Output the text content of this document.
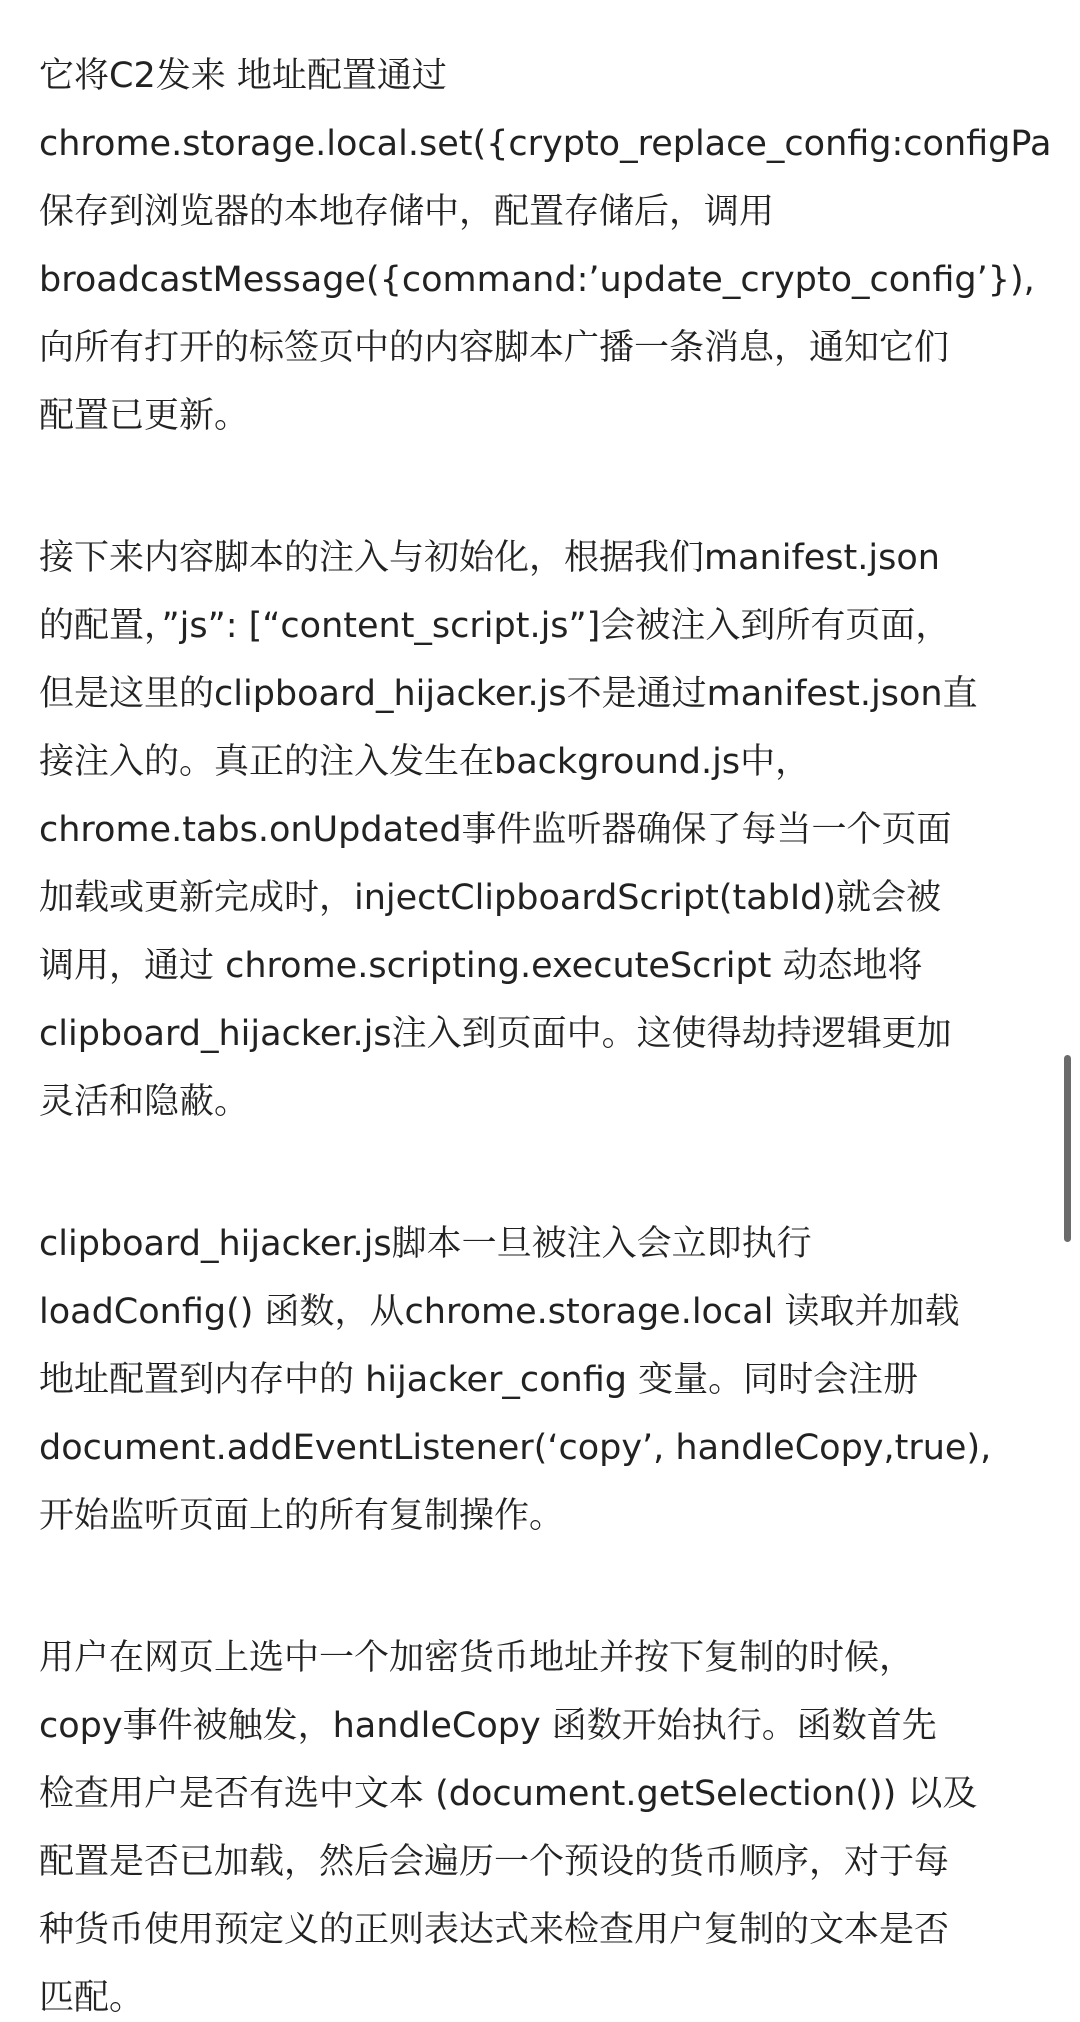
它将C2发来 地址配置通过
chrome.storage.local.set({crypto_replace_config:configPa
保存到浏览器的本地存储中，配置存储后，调用
broadcastMessage({command:’update_crypto_config’}),
向所有打开的标签页中的内容脚本广播一条消息，通知它们
配置已更新。
接下来内容脚本的注入与初始化，根据我们manifest.json
的配置，”js”: [“content_script.js”]会被注入到所有页面，
但是这里的clipboard_hijacker.js不是通过manifest.json直
接注入的。真正的注入发生在background.js中，
chrome.tabs.onUpdated事件监听器确保了每当一个页面
加载或更新完成时，injectClipboardScript(tabId)就会被
调用，通过 chrome.scripting.executeScript 动态地将
clipboard_hijacker.js注入到页面中。这使得劫持逻辑更加
灵活和隐蔽。
clipboard_hijacker.js脚本一旦被注入会立即执行
loadConfig() 函数，从chrome.storage.local 读取并加载
地址配置到内存中的 hijacker_config 变量。同时会注册
document.addEventListener(‘copy’, handleCopy,true),
开始监听页面上的所有复制操作。
用户在网页上选中一个加密货币地址并按下复制的时候，
copy事件被触发，handleCopy 函数开始执行。函数首先
检查用户是否有选中文本 (document.getSelection()) 以及
配置是否已加载，然后会遍历一个预设的货币顺序，对于每
种货币使用预定义的正则表达式来检查用户复制的文本是否
匹配。
